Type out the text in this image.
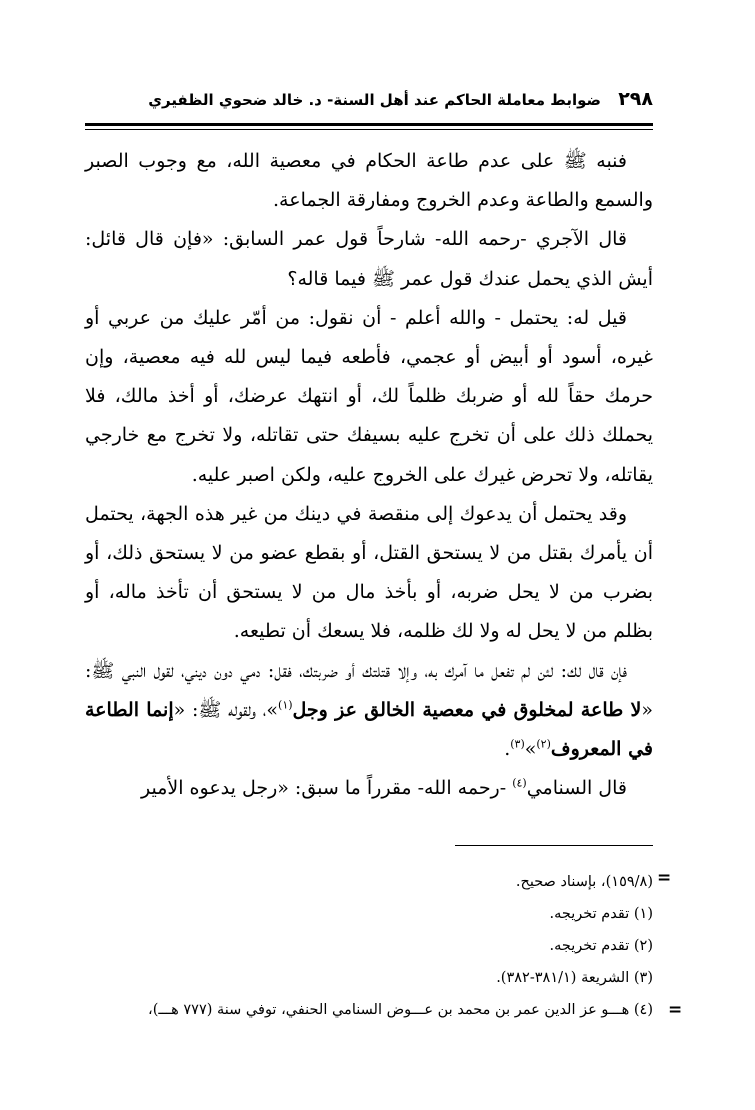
٢٩٨
ضوابط معاملة الحاكم عند أهل السنة- د. خالد ضحوي الظفيري

فنبه ﷺ على عدم طاعة الحكام في معصية الله، مع وجوب الصبر والسمع والطاعة وعدم الخروج ومفارقة الجماعة.

قال الآجري -رحمه الله- شارحاً قول عمر السابق: «فإن قال قائل: أيش الذي يحمل عندك قول عمر ﷺ فيما قاله؟

قيل له: يحتمل - والله أعلم - أن نقول: من أمّر عليك من عربي أو غيره، أسود أو أبيض أو عجمي، فأطعه فيما ليس لله فيه معصية، وإن حرمك حقاً لله أو ضربك ظلماً لك، أو انتهك عرضك، أو أخذ مالك، فلا يحملك ذلك على أن تخرج عليه بسيفك حتى تقاتله، ولا تخرج مع خارجي يقاتله، ولا تحرض غيرك على الخروج عليه، ولكن اصبر عليه.

وقد يحتمل أن يدعوك إلى منقصة في دينك من غير هذه الجهة، يحتمل أن يأمرك بقتل من لا يستحق القتل، أو بقطع عضو من لا يستحق ذلك، أو بضرب من لا يحل ضربه، أو بأخذ مال من لا يستحق أن تأخذ ماله، أو بظلم من لا يحل له ولا لك ظلمه، فلا يسعك أن تطيعه.

فإن قال لك: لئن لم تفعل ما آمرك به، وإلا قتلتك أو ضربتك، فقل: دمي دون ديني، لقول النبي ﷺ: «لا طاعة لمخلوق في معصية الخالق عز وجل$^{(١)}$»، ولقوله ﷺ: «إنما الطاعة في المعروف$^{(٢)}$»$^{(٣)}$.

قال السنامي$^{(٤)}$ -رحمه الله- مقرراً ما سبق: «رجل يدعوه الأمير

=
=

(١٥٩/٨)، بإسناد صحيح.

(١) تقدم تخريجه.

(٢) تقدم تخريجه.

(٣) الشريعة (٣٨١/١-٣٨٢).

(٤) هـــو عز الدين عمر بن محمد بن عـــوض السنامي الحنفي، توفي سنة (٧٧٧ هـــ)،
